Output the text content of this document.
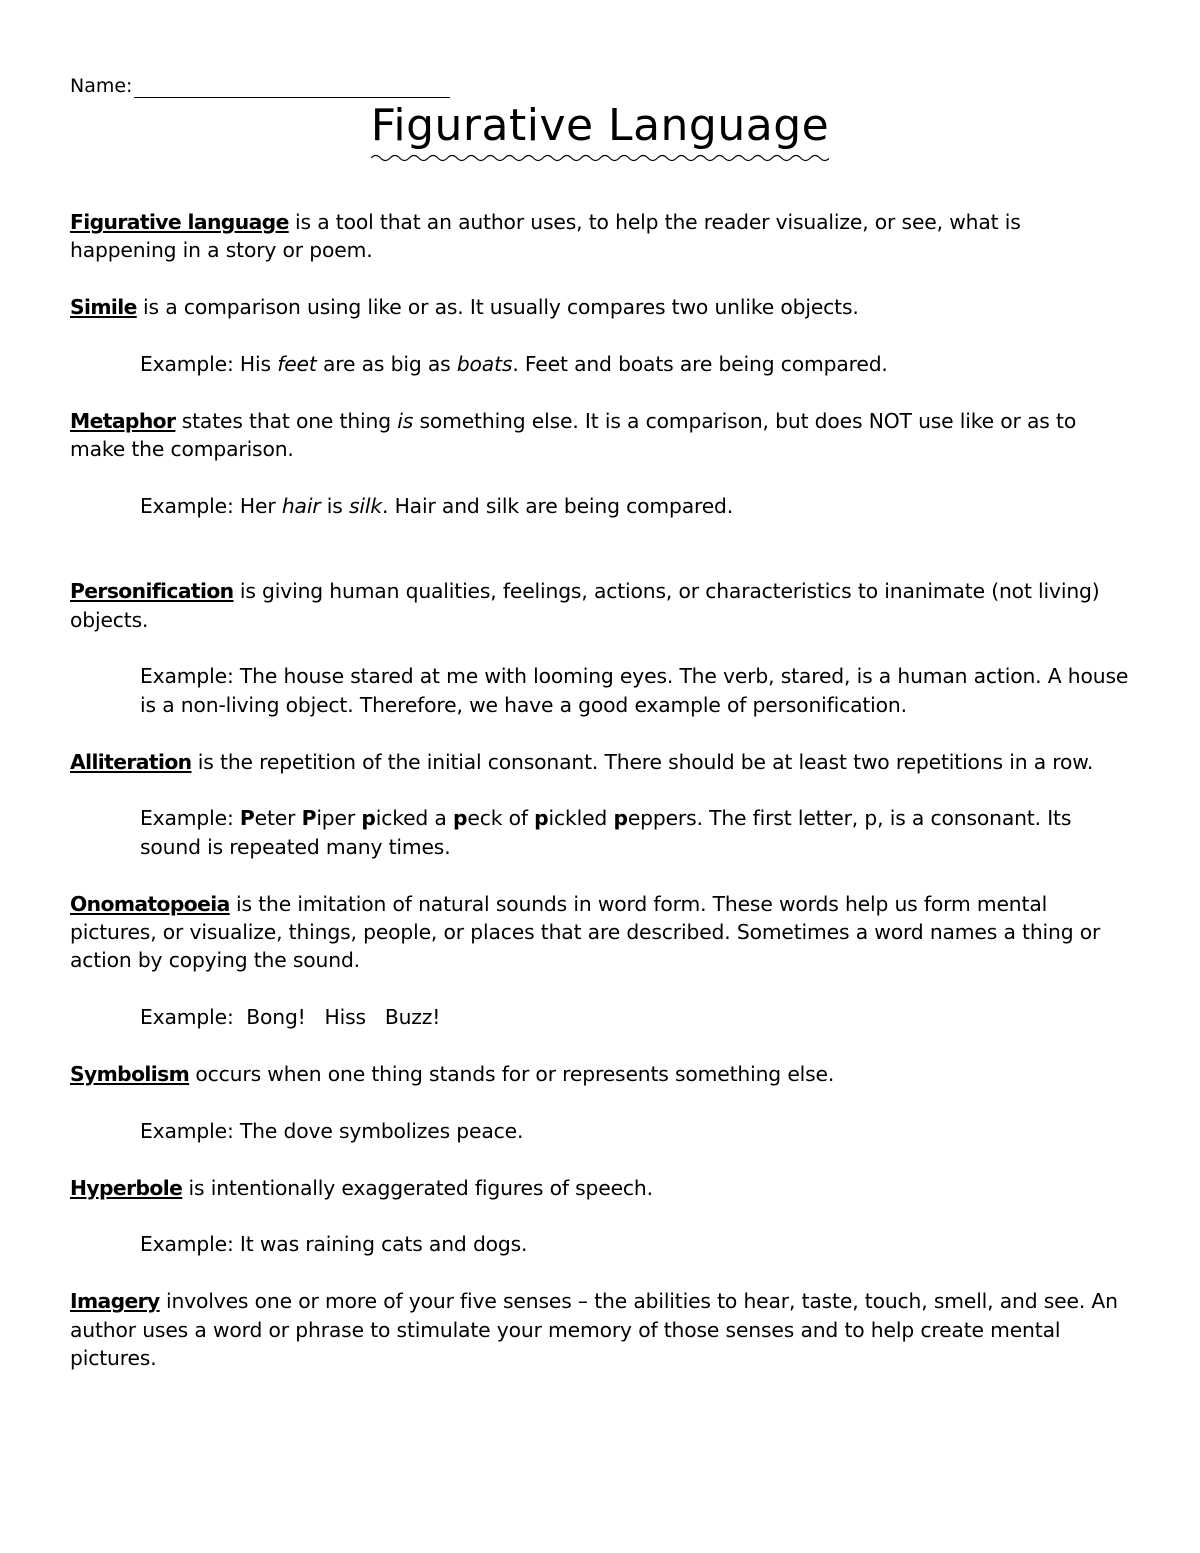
Name:
Figurative Language

Figurative language is a tool that an author uses, to help the reader visualize, or see, what is happening in a story or poem.

Simile is a comparison using like or as. It usually compares two unlike objects.

Example: His feet are as big as boats. Feet and boats are being compared.

Metaphor states that one thing is something else. It is a comparison, but does NOT use like or as to make the comparison.

Example: Her hair is silk. Hair and silk are being compared.

Personification is giving human qualities, feelings, actions, or characteristics to inanimate (not living) objects.

Example: The house stared at me with looming eyes. The verb, stared, is a human action. A house is a non-living object. Therefore, we have a good example of personification.

Alliteration is the repetition of the initial consonant. There should be at least two repetitions in a row.

Example: Peter Piper picked a peck of pickled peppers. The first letter, p, is a consonant. Its sound is repeated many times.

Onomatopoeia is the imitation of natural sounds in word form. These words help us form mental pictures, or visualize, things, people, or places that are described. Sometimes a word names a thing or action by copying the sound.

Example:  Bong!   Hiss   Buzz!

Symbolism occurs when one thing stands for or represents something else.

Example: The dove symbolizes peace.

Hyperbole is intentionally exaggerated figures of speech.

Example: It was raining cats and dogs.

Imagery involves one or more of your five senses – the abilities to hear, taste, touch, smell, and see. An author uses a word or phrase to stimulate your memory of those senses and to help create mental pictures.
